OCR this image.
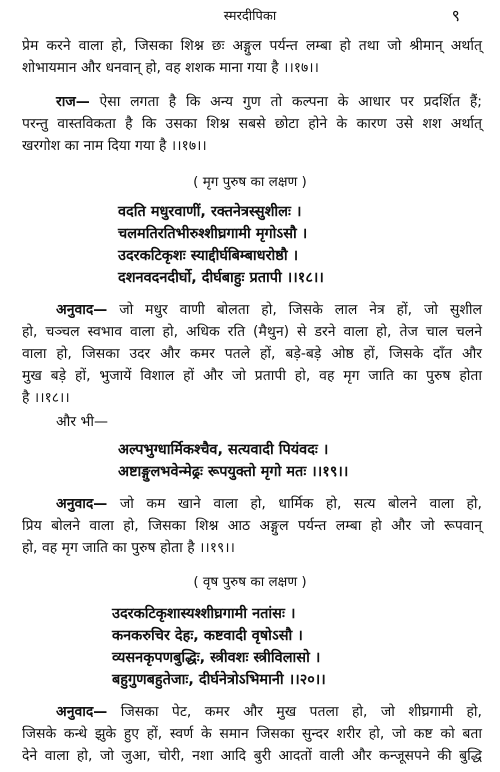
स्मरदीपिका	९
प्रेम करने वाला हो, जिसका शिश्न छः अङ्गुल पर्यन्त लम्बा हो तथा जो श्रीमान् अर्थात्
शोभायमान और धनवान् हो, वह शशक माना गया है ।।१७।।
राज— ऐसा लगता है कि अन्य गुण तो कल्पना के आधार पर प्रदर्शित हैं;
परन्तु वास्तविकता है कि उसका शिश्न सबसे छोटा होने के कारण उसे शश अर्थात्
खरगोश का नाम दिया गया है ।।१७।।
( मृग पुरुष का लक्षण )
वदति मधुरवाणीं, रक्तनेत्रस्सुशीलः ।
चलमतिरतिभीरुश्शीघ्रगामी मृगोऽसौ ।
उदरकटिकृशः स्याद्दीर्घबिम्बाधरोष्ठौ ।
दशनवदनदीर्घो, दीर्घबाहुः प्रतापी ।।१८।।
अनुवाद— जो मधुर वाणी बोलता हो, जिसके लाल नेत्र हों, जो सुशील
हो, चञ्चल स्वभाव वाला हो, अधिक रति (मैथुन) से डरने वाला हो, तेज चाल चलने
वाला हो, जिसका उदर और कमर पतले हों, बड़े-बड़े ओष्ठ हों, जिसके दाँत और
मुख बड़े हों, भुजायें विशाल हों और जो प्रतापी हो, वह मृग जाति का पुरुष होता
है ।।१८।।
और भी—
अल्पभुग्धार्मिकश्चैव, सत्यवादी पियंवदः ।
अष्टाङ्गुलभवेन्मेढ्रः रूपयुक्तो मृगो मतः ।।१९।।
अनुवाद— जो कम खाने वाला हो, धार्मिक हो, सत्य बोलने वाला हो,
प्रिय बोलने वाला हो, जिसका शिश्न आठ अङ्गुल पर्यन्त लम्बा हो और जो रूपवान्
हो, वह मृग जाति का पुरुष होता है ।।१९।।
( वृष पुरुष का लक्षण )
उदरकटिकृशास्यश्शीघ्रगामी नतांसः ।
कनकरुचिर देहः, कष्टवादी वृषोऽसौ ।
व्यसनकृपणबुद्धिः, स्त्रीवशः स्त्रीविलासो ।
बहुगुणबहुतेजाः, दीर्घनेत्रोऽभिमानी ।।२०।।
अनुवाद— जिसका पेट, कमर और मुख पतला हो, जो शीघ्रगामी हो,
जिसके कन्धे झुके हुए हों, स्वर्ण के समान जिसका सुन्दर शरीर हो, जो कष्ट को बता
देने वाला हो, जो जुआ, चोरी, नशा आदि बुरी आदतों वाली और कन्जूसपने की बुद्धि
